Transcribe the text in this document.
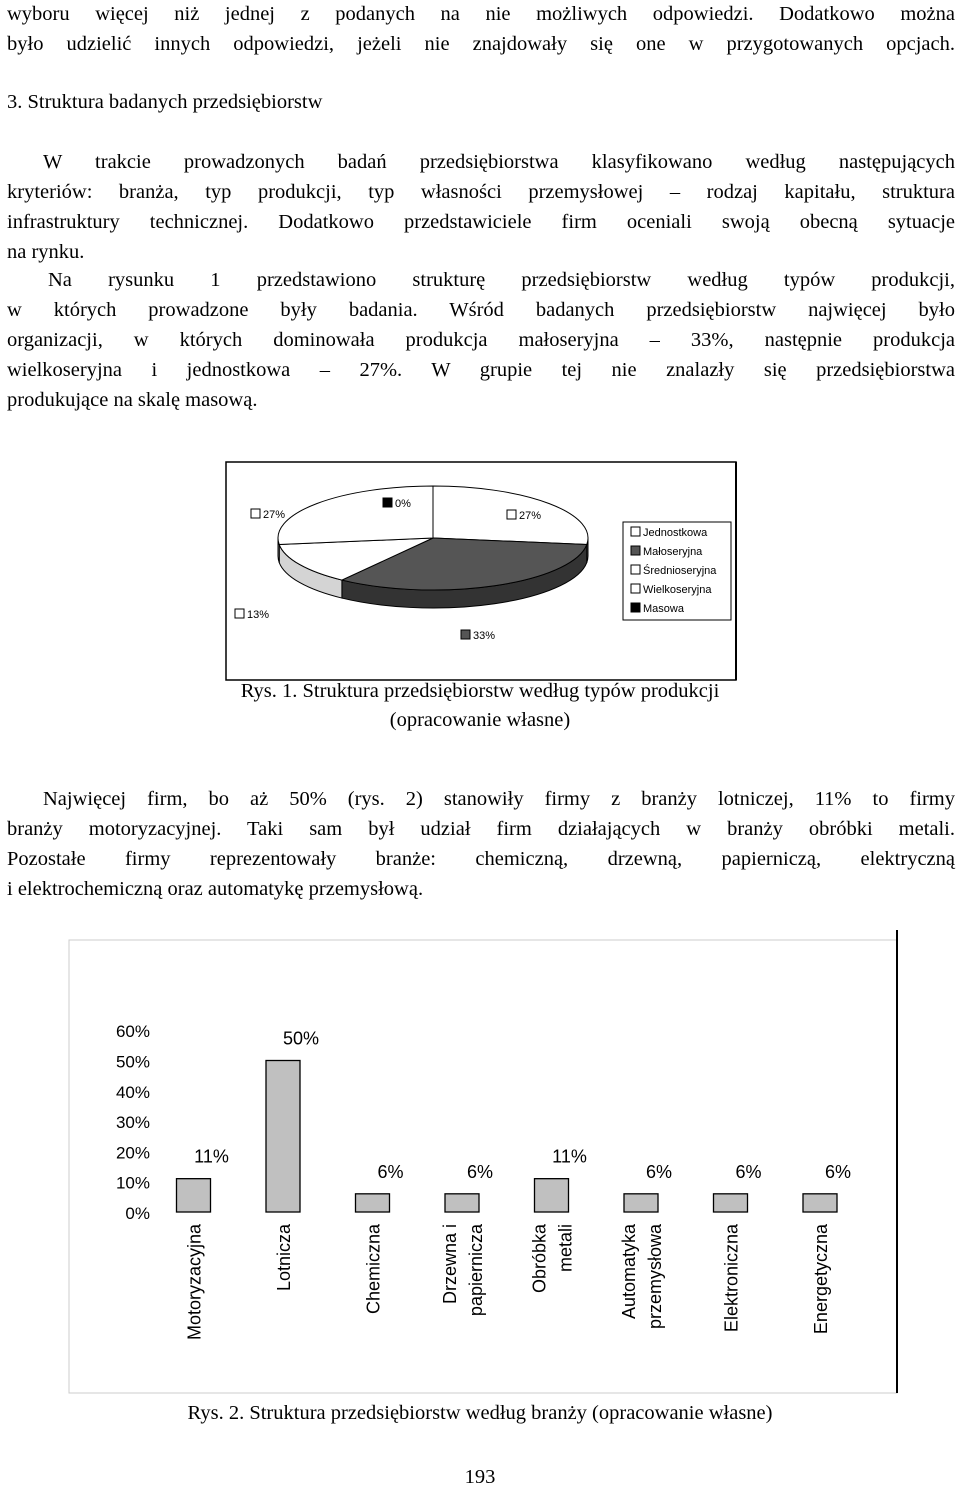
wyboru więcej niż jednej z podanych na nie możliwych odpowiedzi. Dodatkowo można
było udzielić innych odpowiedzi, jeżeli nie znajdowały się one w przygotowanych opcjach.
3. Struktura badanych przedsiębiorstw
W trakcie prowadzonych badań przedsiębiorstwa klasyfikowano według następujących
kryteriów: branża, typ produkcji, typ własności przemysłowej – rodzaj kapitału, struktura
infrastruktury technicznej. Dodatkowo przedstawiciele firm oceniali swoją obecną sytuacje
na rynku.
Na rysunku 1 przedstawiono strukturę przedsiębiorstw według typów produkcji,
w których prowadzone były badania. Wśród badanych przedsiębiorstw najwięcej było
organizacji, w których dominowała produkcja małoseryjna – 33%, następnie produkcja
wielkoseryjna i jednostkowa – 27%. W grupie tej nie znalazły się przedsiębiorstwa
produkujące na skalę masową.
0%
27%
33%
13%
27%
Jednostkowa
Małoseryjna
Średnioseryjna
Wielkoseryjna
Masowa
Rys. 1. Struktura przedsiębiorstw według typów produkcji
(opracowanie własne)
Najwięcej firm, bo aż 50% (rys. 2) stanowiły firmy z branży lotniczej, 11% to firmy
branży motoryzacyjnej. Taki sam był udział firm działających w branży obróbki metali.
Pozostałe firmy reprezentowały branże: chemiczną, drzewną, papierniczą, elektryczną
i elektrochemiczną oraz automatykę przemysłową.
0%
10%
20%
30%
40%
50%
60%
11%
50%
6%	6%
11%
6%	6%	6%
Motoryzacyjna	Lotnicza	Chemiczna	Drzewna i papiernicza Obróbka metali Automatyka przemysłowa	Elektroniczna	Energetyczna
Rys. 2. Struktura przedsiębiorstw według branży (opracowanie własne)
193
